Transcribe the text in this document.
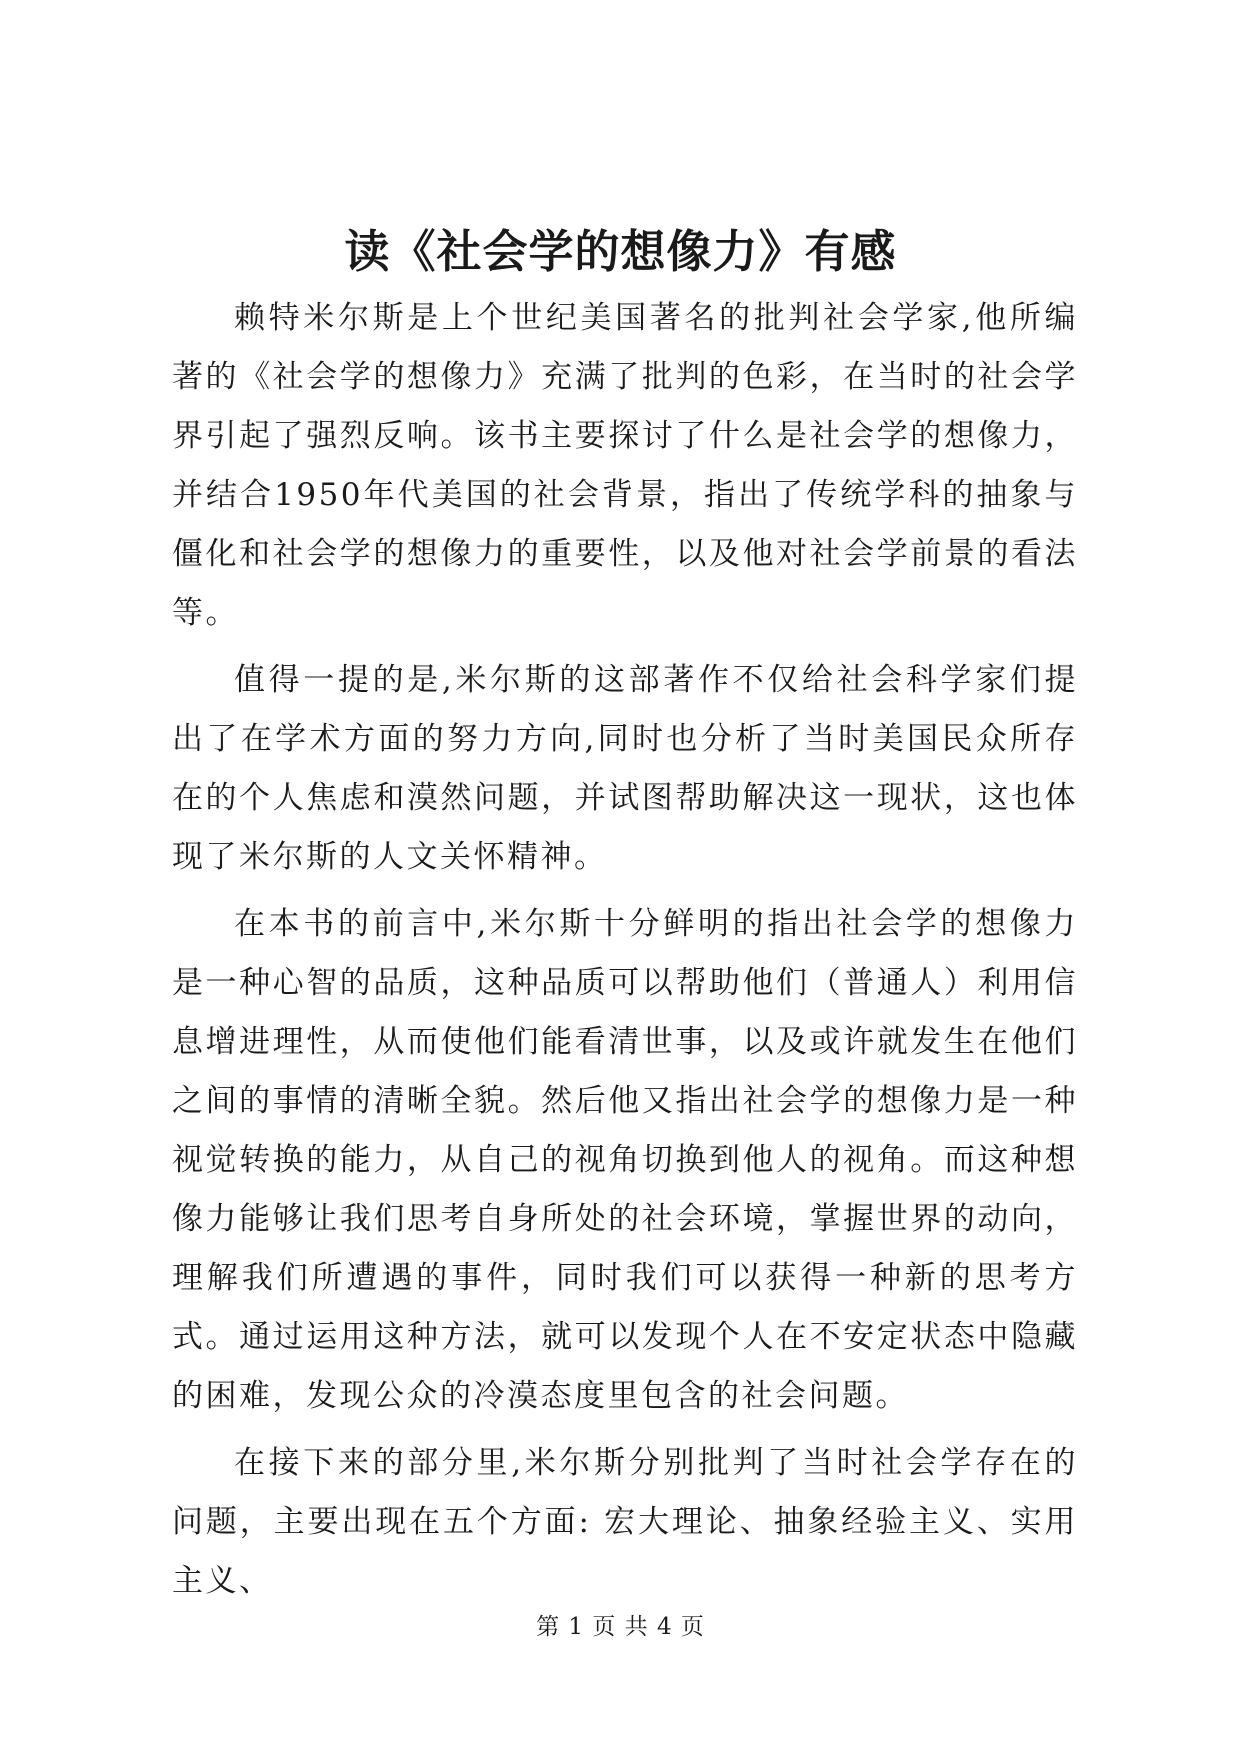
读《社会学的想像力》有感

赖特米尔斯是上个世纪美国著名的批判社会学家,他所编著的《社会学的想像力》充满了批判的色彩，在当时的社会学界引起了强烈反响。该书主要探讨了什么是社会学的想像力，并结合1950年代美国的社会背景，指出了传统学科的抽象与僵化和社会学的想像力的重要性，以及他对社会学前景的看法等。

值得一提的是,米尔斯的这部著作不仅给社会科学家们提出了在学术方面的努力方向,同时也分析了当时美国民众所存在的个人焦虑和漠然问题，并试图帮助解决这一现状，这也体现了米尔斯的人文关怀精神。

在本书的前言中,米尔斯十分鲜明的指出社会学的想像力是一种心智的品质，这种品质可以帮助他们（普通人）利用信息增进理性，从而使他们能看清世事，以及或许就发生在他们之间的事情的清晰全貌。然后他又指出社会学的想像力是一种视觉转换的能力，从自己的视角切换到他人的视角。而这种想像力能够让我们思考自身所处的社会环境，掌握世界的动向，理解我们所遭遇的事件，同时我们可以获得一种新的思考方式。通过运用这种方法，就可以发现个人在不安定状态中隐藏的困难，发现公众的冷漠态度里包含的社会问题。

在接下来的部分里,米尔斯分别批判了当时社会学存在的问题，主要出现在五个方面: 宏大理论、抽象经验主义、实用主义、

第 1 页 共 4 页
